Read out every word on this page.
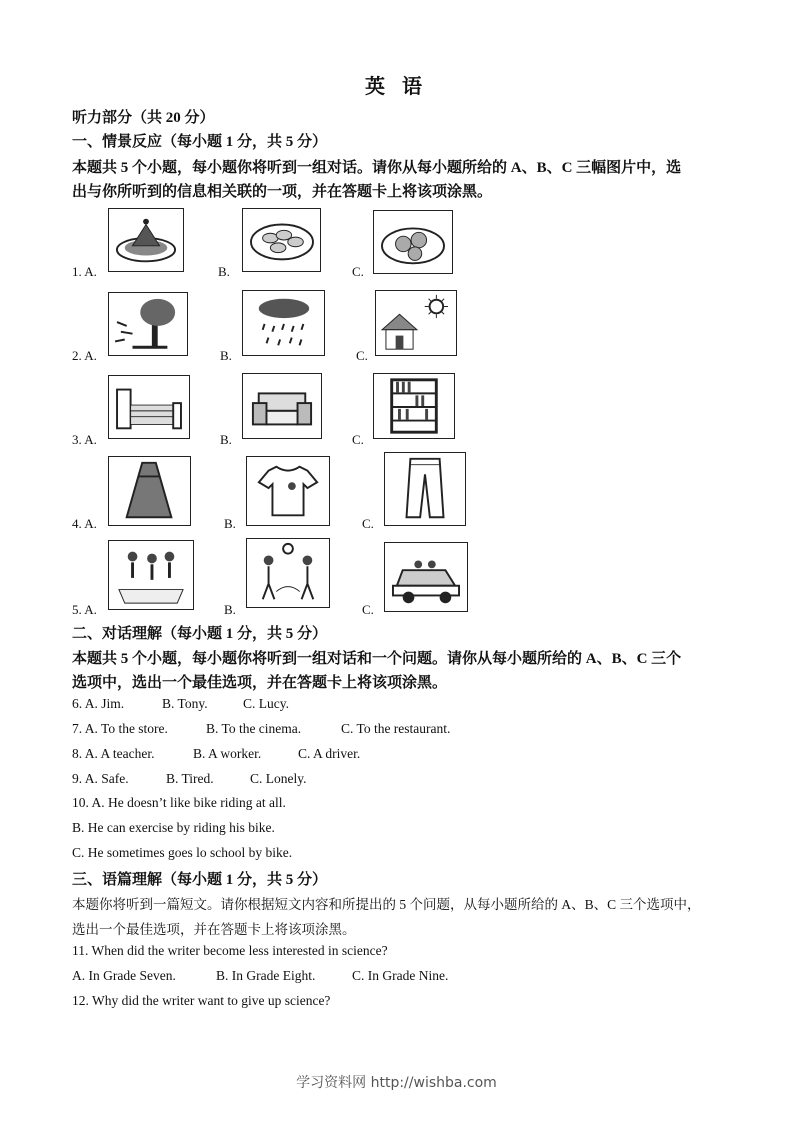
英 语
听力部分（共 20 分）
一、情景反应（每小题 1 分，共 5 分）
本题共 5 个小题，每小题你将听到一组对话。请你从每小题所给的 A、B、C 三幅图片中，选
出与你所听到的信息相关联的一项，并在答题卡上将该项涂黑。
1. A.	B.	C.
2. A.	B.	C.
3. A.	B.	C.
4. A.	B.	C.
5. A.	B.	C.
二、对话理解（每小题 1 分，共 5 分）
本题共 5 个小题，每小题你将听到一组对话和一个问题。请你从每小题所给的 A、B、C 三个
选项中，选出一个最佳选项，并在答题卡上将该项涂黑。
6. A. Jim.	B. Tony.	C. Lucy.
7. A. To the store.	B. To the cinema.	C. To the restaurant.
8. A. A teacher.	B. A worker.	C. A driver.
9. A. Safe.	B. Tired.	C. Lonely.
10. A. He doesn’t like bike riding at all.
B. He can exercise by riding his bike.
C. He sometimes goes lo school by bike.
三、语篇理解（每小题 1 分，共 5 分）
本题你将听到一篇短文。请你根据短文内容和所提出的 5 个问题，从每小题所给的 A、B、C 三个选项中，
选出一个最佳选项，并在答题卡上将该项涂黑。
11. When did the writer become less interested in science?
A. In Grade Seven.	B. In Grade Eight.	C. In Grade Nine.
12. Why did the writer want to give up science?
学习资料网 http://wishba.com
